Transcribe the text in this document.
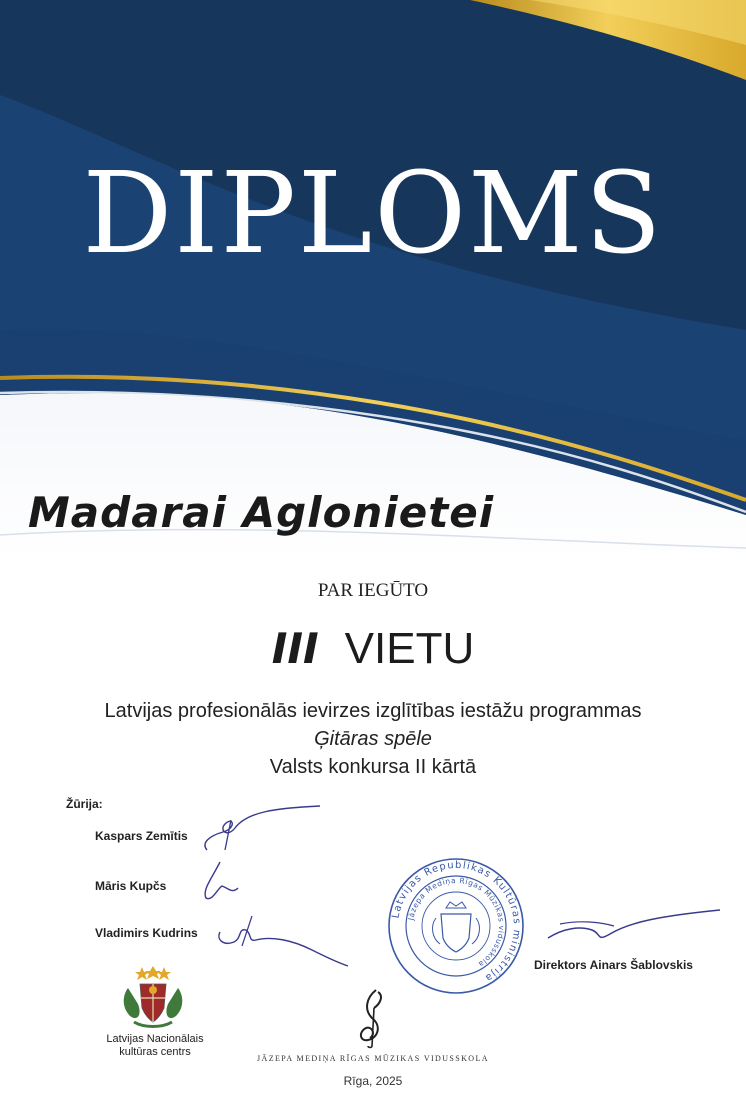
DIPLOMS
Madarai Aglonietei
PAR IEGŪTO
III VIETU
Latvijas profesionālās ievirzes izglītības iestāžu programmas
Ģitāras spēle
Valsts konkursa II kārtā
Žūrija:
Kaspars Zemītis
Māris Kupčs
Vladimirs Kudrins
Latvijas Republikas Kultūras ministrija
Jāzepa Mediņa Rīgas Mūzikas vidusskola	Direktors Ainars Šablovskis
Latvijas Nacionālais
kultūras centrs
JĀZEPA MEDIŅA RĪGAS MŪZIKAS VIDUSSKOLA
Rīga, 2025
